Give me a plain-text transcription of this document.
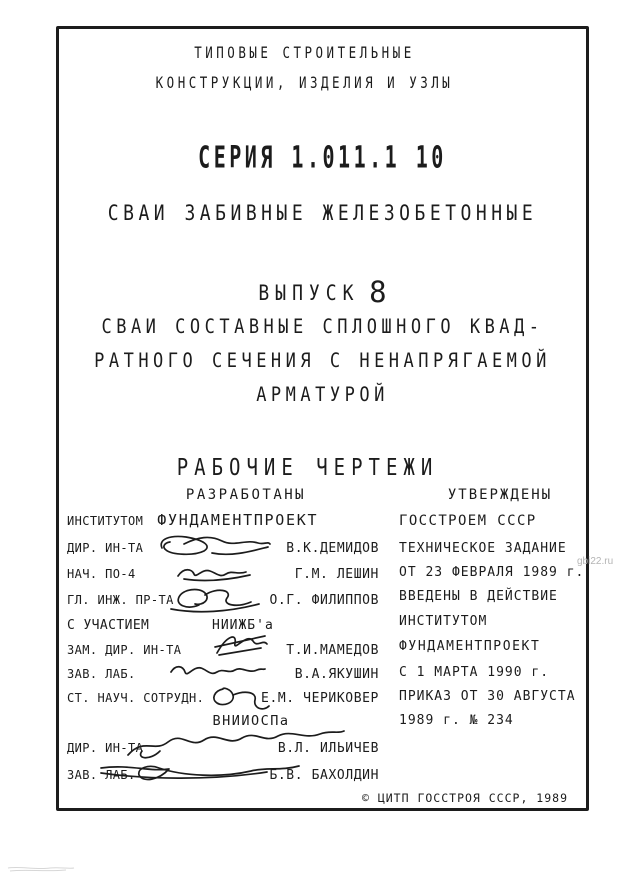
ТИПОВЫЕ СТРОИТЕЛЬНЫЕ
КОНСТРУКЦИИ, ИЗДЕЛИЯ И УЗЛЫ
СЕРИЯ 1.011.1 10
СВАИ ЗАБИВНЫЕ ЖЕЛЕЗОБЕТОННЫЕ
ВЫПУСК 8
СВАИ СОСТАВНЫЕ СПЛОШНОГО КВАД-
РАТНОГО СЕЧЕНИЯ С НЕНАПРЯГАЕМОЙ
АРМАТУРОЙ
РАБОЧИЕ ЧЕРТЕЖИ
РАЗРАБОТАНЫ	УТВЕРЖДЕНЫ
ИНСТИТУТОМ ФУНДАМЕНТПРОЕКТ
ДИР. ИН-ТА	В.К.ДЕМИДОВ
НАЧ. ПО-4	Г.М. ЛЕШИН
ГЛ. ИНЖ. ПР-ТА	О.Г. ФИЛИППОВ
С УЧАСТИЕМ	НИИЖБ'а
ЗАМ. ДИР. ИН-ТА	Т.И.МАМЕДОВ
ЗАВ. ЛАБ.	В.А.ЯКУШИН
СТ. НАУЧ. СОТРУДН.	Е.М. ЧЕРИКОВЕР
ВНИИОСПа
ДИР. ИН-ТА	В.Л. ИЛЬИЧЕВ
ЗАВ. ЛАБ.	Б.В. БАХОЛДИН
ГОССТРОЕМ СССР
ТЕХНИЧЕСКОЕ ЗАДАНИЕ
ОТ 23 ФЕВРАЛЯ 1989 г.
ВВЕДЕНЫ В ДЕЙСТВИЕ
ИНСТИТУТОМ
ФУНДАМЕНТПРОЕКТ
С 1 МАРТА 1990 г.
ПРИКАЗ ОТ 30 АВГУСТА
1989 г. № 234
© ЦИТП ГОССТРОЯ СССР, 1989
gbi22.ru
